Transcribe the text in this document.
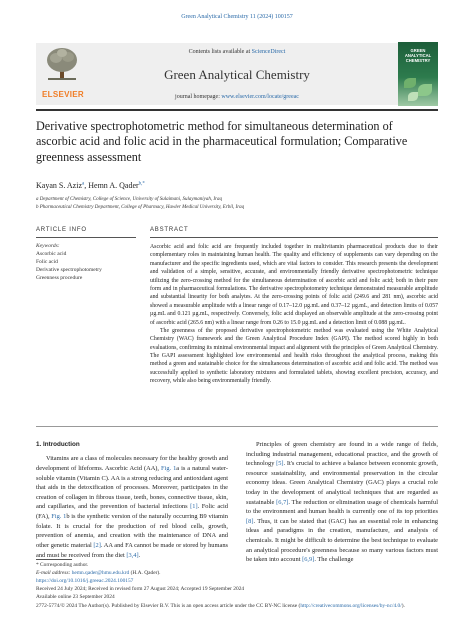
Green Analytical Chemistry 11 (2024) 100157
ELSEVIER
Contents lists available at ScienceDirect
Green Analytical Chemistry
journal homepage: www.elsevier.com/locate/greeac
GREEN ANALYTICAL CHEMISTRY
Derivative spectrophotometric method for simultaneous determination of ascorbic acid and folic acid in the pharmaceutical formulation; Comparative greenness assessment
Kayan S. Aziz$^a$, Hemn A. Qader$^{b,*}$
a Department of Chemistry, College of Science, University of Sulaimani, Sulaymaniyah, Iraq
b Pharmaceutical Chemistry Department, College of Pharmacy, Hawler Medical University, Erbil, Iraq
ARTICLE INFO	ABSTRACT
Keywords:
Ascorbic acid
Folic acid
Derivative spectrophotometry
Greenness procedure

Ascorbic acid and folic acid are frequently included together in multivitamin pharmaceutical products due to their complementary roles in maintaining human health. The quality and efficiency of supplements can vary depending on the manufacturer and the specific ingredients used, which are vital factors to consider. This research presents the development and validation of a simple, sensitive, accurate, and environmentally friendly derivative spectrophotometric technique utilizing the zero-crossing method for the simultaneous determination of ascorbic acid and folic acid; both in their pure form and in pharmaceutical formulations. The derivative spectrophotometry technique demonstrated measurable amplitude and substantial linearity for both analytes. At the zero-crossing points of folic acid (249.6 and 281 nm), ascorbic acid showed a measurable amplitude with a linear range of 0.17–12.0 µg.mL and 0.37–12 µg.mL, and detection limits of 0.057 µg.mL and 0.121 µg.mL, respectively. Conversely, folic acid displayed an observable amplitude at the zero-crossing point of ascorbic acid (265.6 nm) with a linear range from 0.26 to 15.0 µg.mL and a detection limit of 0.088 µg.mL.

The greenness of the proposed derivative spectrophotometric method was evaluated using the White Analytical Chemistry (WAC) framework and the Green Analytical Procedure Index (GAPI). The method scored highly in both evaluations, confirming its minimal environmental impact and alignment with the principles of Green Analytical Chemistry. The GAPI assessment highlighted low environmental and health risks throughout the analytical process, making this method a green and sustainable choice for the simultaneous determination of ascorbic acid and folic acid. The method was successfully applied to synthetic laboratory mixtures and formulated tablets, showing excellent precision, accuracy, and recovery, while also being environmentally friendly.

1. Introduction

Vitamins are a class of molecules necessary for the healthy growth and development of lifeforms. Ascorbic Acid (AA), Fig. 1a is a natural water-soluble vitamin (Vitamin C). AA is a strong reducing and antioxidant agent that aids in the detoxification of processes. Moreover, participates in the creation of collagen in fibrous tissue, teeth, bones, connective tissue, skin, and capillaries, and the prevention of bacterial infections [1]. Folic acid (FA), Fig. 1b is the synthetic version of the naturally occurring B9 vitamin folate. It is crucial for the production of red blood cells, growth, prevention of anemia, and creation with the maintenance of DNA and other genetic material [2]. AA and FA cannot be made or stored by humans and must be received from the diet [3,4].

Principles of green chemistry are found in a wide range of fields, including industrial management, educational practice, and the growth of technology [5]. It's crucial to achieve a balance between economic growth, resource sustainability, and environmental preservation in the circular economy ideas. Green Analytical Chemistry (GAC) plays a crucial role today in the development of analytical techniques that are regarded as sustainable [6,7]. The reduction or elimination usage of chemicals harmful to the environment and human health is currently one of its top priorities [8]. Thus, it can be stated that (GAC) has an essential role in enhancing ideas and paradigms in the creation, manufacture, and analysis of chemicals. It might be difficult to determine the best technique to evaluate an analytical procedure's greenness because so many various factors must be taken into account [6,9]. The challenge

* Corresponding author.
E-mail address: hemn.qader@hmu.edu.krd (H.A. Qader).
https://doi.org/10.1016/j.greeac.2024.100157
Received 24 July 2024; Received in revised form 27 August 2024; Accepted 19 September 2024
Available online 23 September 2024
2772-5774/© 2024 The Author(s). Published by Elsevier B.V. This is an open access article under the CC BY-NC license (http://creativecommons.org/licenses/by-nc/4.0/).
